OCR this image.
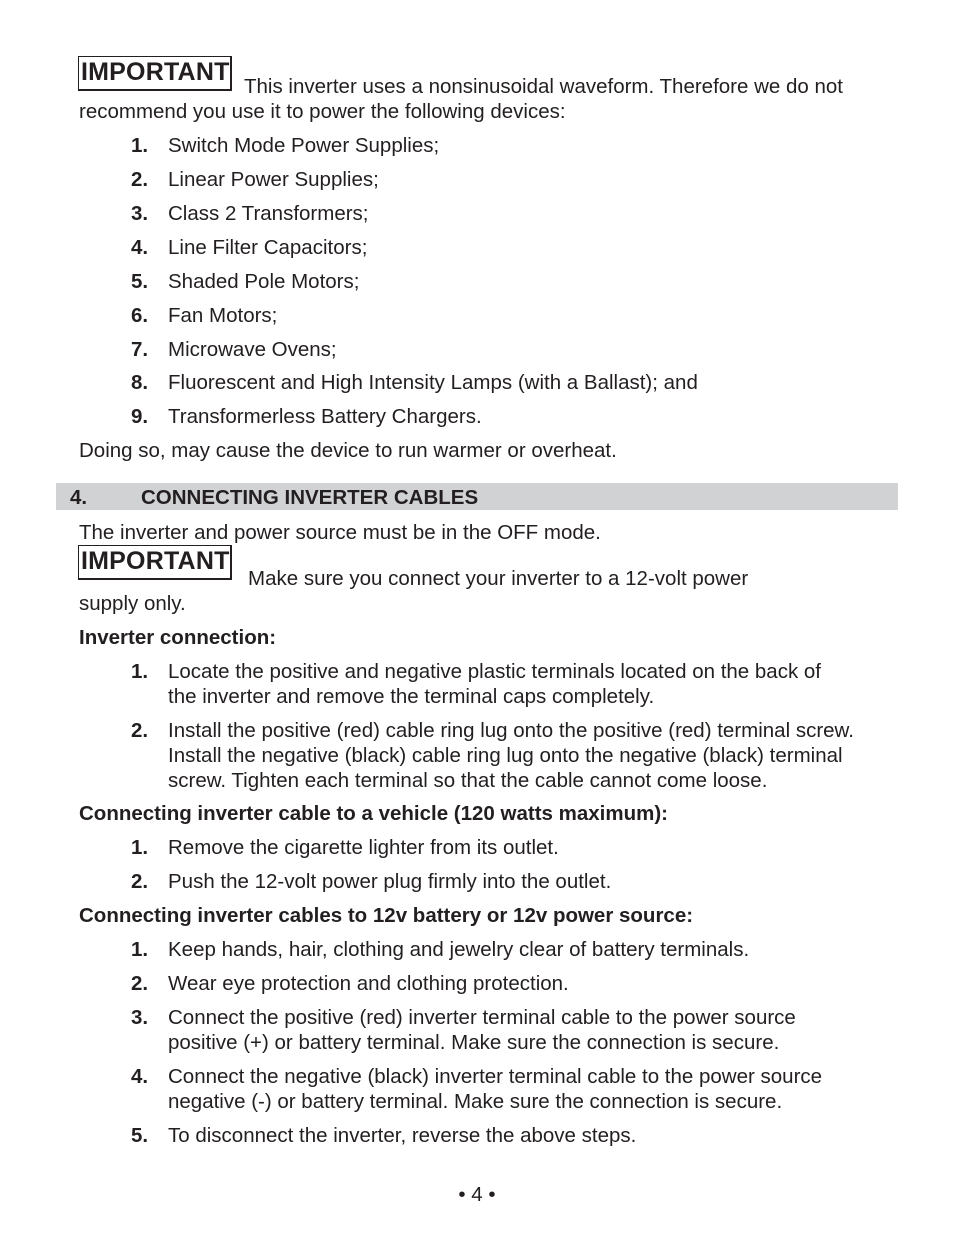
IMPORTANT
This inverter uses a nonsinusoidal waveform. Therefore we do not
recommend you use it to power the following devices:
1. Switch Mode Power Supplies;
2. Linear Power Supplies;
3. Class 2 Transformers;
4. Line Filter Capacitors;
5. Shaded Pole Motors;
6. Fan Motors;
7. Microwave Ovens;
8. Fluorescent and High Intensity Lamps (with a Ballast); and
9. Transformerless Battery Chargers.
Doing so, may cause the device to run warmer or overheat.
4.	CONNECTING INVERTER CABLES
The inverter and power source must be in the OFF mode.
IMPORTANT
Make sure you connect your inverter to a 12-volt power
supply only.
Inverter connection:
1. Locate the positive and negative plastic terminals located on the back of
the inverter and remove the terminal caps completely.
2. Install the positive (red) cable ring lug onto the positive (red) terminal screw.
Install the negative (black) cable ring lug onto the negative (black) terminal
screw. Tighten each terminal so that the cable cannot come loose.
Connecting inverter cable to a vehicle (120 watts maximum):
1. Remove the cigarette lighter from its outlet.
2. Push the 12-volt power plug firmly into the outlet.
Connecting inverter cables to 12v battery or 12v power source:
1. Keep hands, hair, clothing and jewelry clear of battery terminals.
2. Wear eye protection and clothing protection.
3. Connect the positive (red) inverter terminal cable to the power source
positive (+) or battery terminal. Make sure the connection is secure.
4. Connect the negative (black) inverter terminal cable to the power source
negative (-) or battery terminal. Make sure the connection is secure.
5. To disconnect the inverter, reverse the above steps.
• 4 •
